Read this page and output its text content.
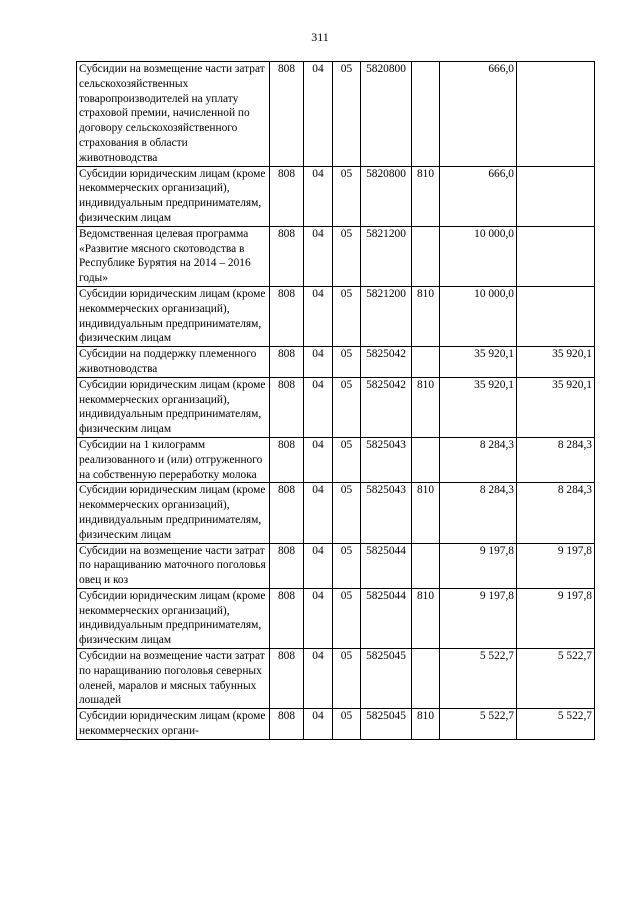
311
Субсидии на возмещение части затрат сельскохозяйственных товаропроизводителей на уплату страховой премии, начисленной по договору сельскохозяйственного страхования в области животноводства	808	04	05	5820800		666,0	
Субсидии юридическим лицам (кроме некоммерческих организаций), индивидуальным предпринимателям, физическим лицам	808	04	05	5820800	810	666,0	
Ведомственная целевая программа «Развитие мясного скотоводства в Республике Бурятия на 2014 – 2016 годы»	808	04	05	5821200		10 000,0	
Субсидии юридическим лицам (кроме некоммерческих организаций), индивидуальным предпринимателям, физическим лицам	808	04	05	5821200	810	10 000,0	
Субсидии на поддержку племенного животноводства	808	04	05	5825042		35 920,1	35 920,1
Субсидии юридическим лицам (кроме некоммерческих организаций), индивидуальным предпринимателям, физическим лицам	808	04	05	5825042	810	35 920,1	35 920,1
Субсидии на 1 килограмм реализованного и (или) отгруженного на собственную переработку молока	808	04	05	5825043		8 284,3	8 284,3
Субсидии юридическим лицам (кроме некоммерческих организаций), индивидуальным предпринимателям, физическим лицам	808	04	05	5825043	810	8 284,3	8 284,3
Субсидии на возмещение части затрат по наращиванию маточного поголовья овец и коз	808	04	05	5825044		9 197,8	9 197,8
Субсидии юридическим лицам (кроме некоммерческих организаций), индивидуальным предпринимателям, физическим лицам	808	04	05	5825044	810	9 197,8	9 197,8
Субсидии на возмещение части затрат по наращиванию поголовья северных оленей, маралов и мясных табунных лошадей	808	04	05	5825045		5 522,7	5 522,7
Субсидии юридическим лицам (кроме некоммерческих органи-	808	04	05	5825045	810	5 522,7	5 522,7
